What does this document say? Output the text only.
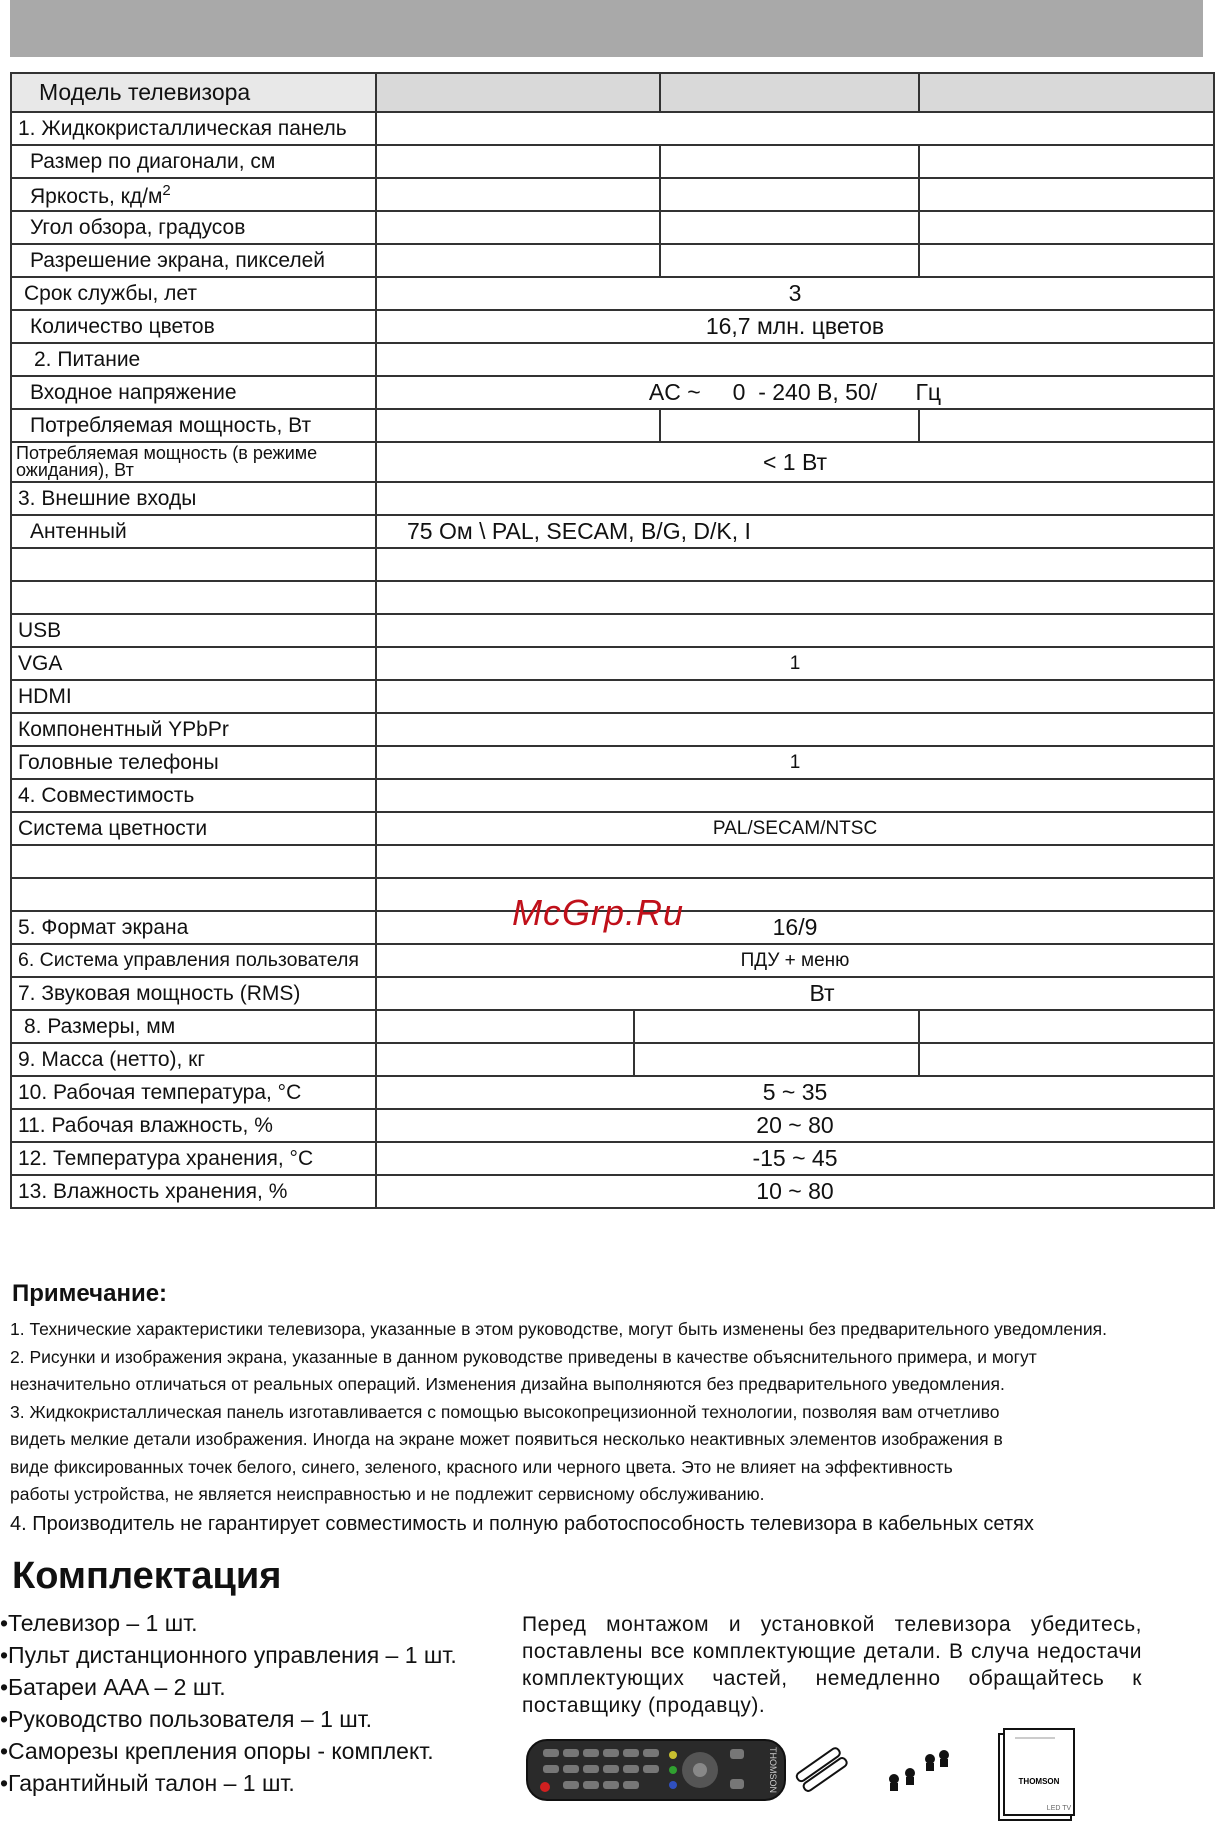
Модель телевизора				
1. Жидкокристаллическая панель				
Размер по диагонали, см				
Яркость, $кд/м^2$			
Угол обзора, градусов				
Разрешение экрана, пикселей				
Срок службы, лет	3			
Количество цветов	16,7 млн. цветов			
2. Питание				
Входное напряжение	AC ~     0  - 240 В, 50/      Гц			
Потребляемая мощность, Вт				
Потребляемая мощность (в режиме ожидания), Вт	< 1 Вт			
3. Внешние входы				
Антенный	75 Ом \ PAL, SECAM, B/G, D/K, I			

USB				
VGA	1			
HDMI				
Компонентный YPbPr				
Головные телефоны	1			
4. Совместимость				
Система цветности	PAL/SECAM/NTSC			

5. Формат экрана	16/9			
6. Система управления пользователя	ПДУ + меню			
7. Звуковая мощность (RMS)	Вт			
8. Размеры, мм				
9. Масса (нетто), кг				
10. Рабочая температура, °С	5 ~ 35			
11. Рабочая влажность, %	20 ~ 80			
12. Температура хранения, °С	-15 ~ 45			
13. Влажность хранения, %	10 ~ 80			
McGrp.Ru
Примечание:
1. Технические характеристики телевизора, указанные в этом руководстве, могут быть изменены без предварительного уведомления.
2. Рисунки и изображения экрана, указанные в данном руководстве приведены в качестве объяснительного примера, и могут
незначительно отличаться от реальных операций. Изменения дизайна выполняются без предварительного уведомления.
3. Жидкокристаллическая панель изготавливается с помощью высокопрецизионной технологии, позволяя вам отчетливо
видеть мелкие детали изображения. Иногда на экране может появиться несколько неактивных элементов изображения в
виде фиксированных точек белого, синего, зеленого, красного или черного цвета. Это не влияет на эффективность
работы устройства, не является неисправностью и не подлежит сервисному обслуживанию.
4. Производитель не гарантирует совместимость и полную работоспособность телевизора в кабельных сетях
Комплектация
•Телевизор – 1 шт.
•Пульт дистанционного управления – 1 шт.
•Батареи AAA – 2 шт.
•Руководство пользователя – 1 шт.
•Саморезы крепления опоры - комплект.
•Гарантийный талон – 1 шт.
Перед монтажом и установкой телевизора убедитесь, поставлены все комплектующие детали. В случа недостачи комплектующих частей, немедленно обращайтесь к поставщику (продавцу).
THOMSON	THOMSON
LED TV
